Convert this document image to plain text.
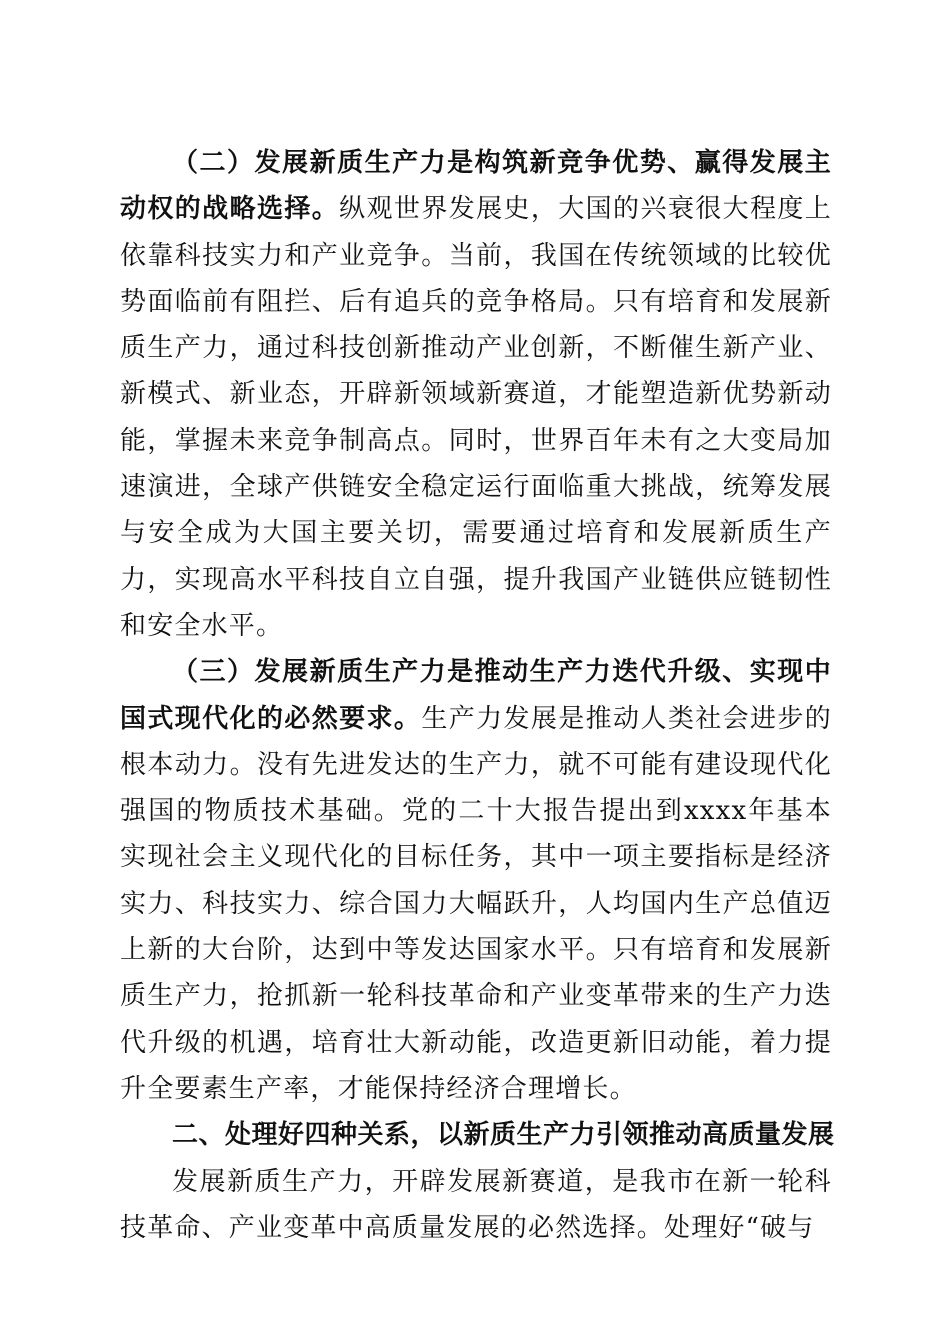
（二）发展新质生产力是构筑新竞争优势、赢得发展主动权的战略选择。纵观世界发展史，大国的兴衰很大程度上依靠科技实力和产业竞争。当前，我国在传统领域的比较优势面临前有阻拦、后有追兵的竞争格局。只有培育和发展新质生产力，通过科技创新推动产业创新，不断催生新产业、新模式、新业态，开辟新领域新赛道，才能塑造新优势新动能，掌握未来竞争制高点。同时，世界百年未有之大变局加速演进，全球产供链安全稳定运行面临重大挑战，统筹发展与安全成为大国主要关切，需要通过培育和发展新质生产力，实现高水平科技自立自强，提升我国产业链供应链韧性和安全水平。

（三）发展新质生产力是推动生产力迭代升级、实现中国式现代化的必然要求。生产力发展是推动人类社会进步的根本动力。没有先进发达的生产力，就不可能有建设现代化强国的物质技术基础。党的二十大报告提出到xxxx年基本实现社会主义现代化的目标任务，其中一项主要指标是经济实力、科技实力、综合国力大幅跃升，人均国内生产总值迈上新的大台阶，达到中等发达国家水平。只有培育和发展新质生产力，抢抓新一轮科技革命和产业变革带来的生产力迭代升级的机遇，培育壮大新动能，改造更新旧动能，着力提升全要素生产率，才能保持经济合理增长。

二、处理好四种关系，以新质生产力引领推动高质量发展

发展新质生产力，开辟发展新赛道，是我市在新一轮科技革命、产业变革中高质量发展的必然选择。处理好“破与
